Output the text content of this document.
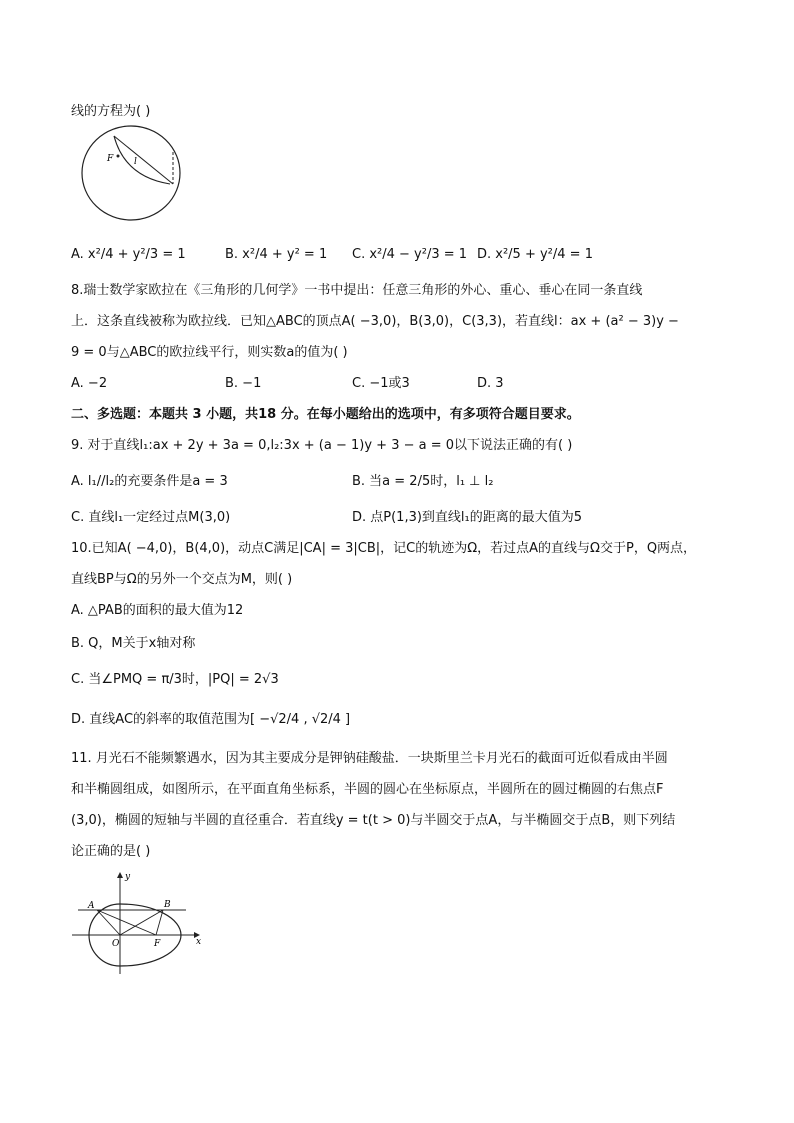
线的方程为( )
F l
A. x²/4 + y²/3 = 1	B. x²/4 + y² = 1 C. x²/4 − y²/3 = 1 D. x²/5 + y²/4 = 1
8.瑞士数学家欧拉在《三角形的几何学》一书中提出：任意三角形的外心、重心、垂心在同一条直线
上．这条直线被称为欧拉线．已知△ABC的顶点A( −3,0)，B(3,0)，C(3,3)，若直线l：ax + (a² − 3)y −
9 = 0与△ABC的欧拉线平行，则实数a的值为( )
A. −2	B. −1	C. −1或3	D. 3
二、多选题：本题共 3 小题，共18 分。在每小题给出的选项中，有多项符合题目要求。
9. 对于直线l₁:ax + 2y + 3a = 0,l₂:3x + (a − 1)y + 3 − a = 0以下说法正确的有( )
A. l₁//l₂的充要条件是a = 3	B. 当a = 2/5时，l₁ ⊥ l₂
C. 直线l₁一定经过点M(3,0)	D. 点P(1,3)到直线l₁的距离的最大值为5
10.已知A( −4,0)，B(4,0)，动点C满足|CA| = 3|CB|，记C的轨迹为Ω，若过点A的直线与Ω交于P，Q两点，
直线BP与Ω的另外一个交点为M，则( )
A. △PAB的面积的最大值为12
B. Q，M关于x轴对称
C. 当∠PMQ = π/3时，|PQ| = 2√3
D. 直线AC的斜率的取值范围为[ −√2/4 , √2/4 ]
11. 月光石不能频繁遇水，因为其主要成分是钾钠硅酸盐．一块斯里兰卡月光石的截面可近似看成由半圆
和半椭圆组成，如图所示，在平面直角坐标系，半圆的圆心在坐标原点，半圆所在的圆过椭圆的右焦点F
(3,0)，椭圆的短轴与半圆的直径重合．若直线y = t(t > 0)与半圆交于点A，与半椭圆交于点B，则下列结
论正确的是( )
y
x
A	B
O	F
